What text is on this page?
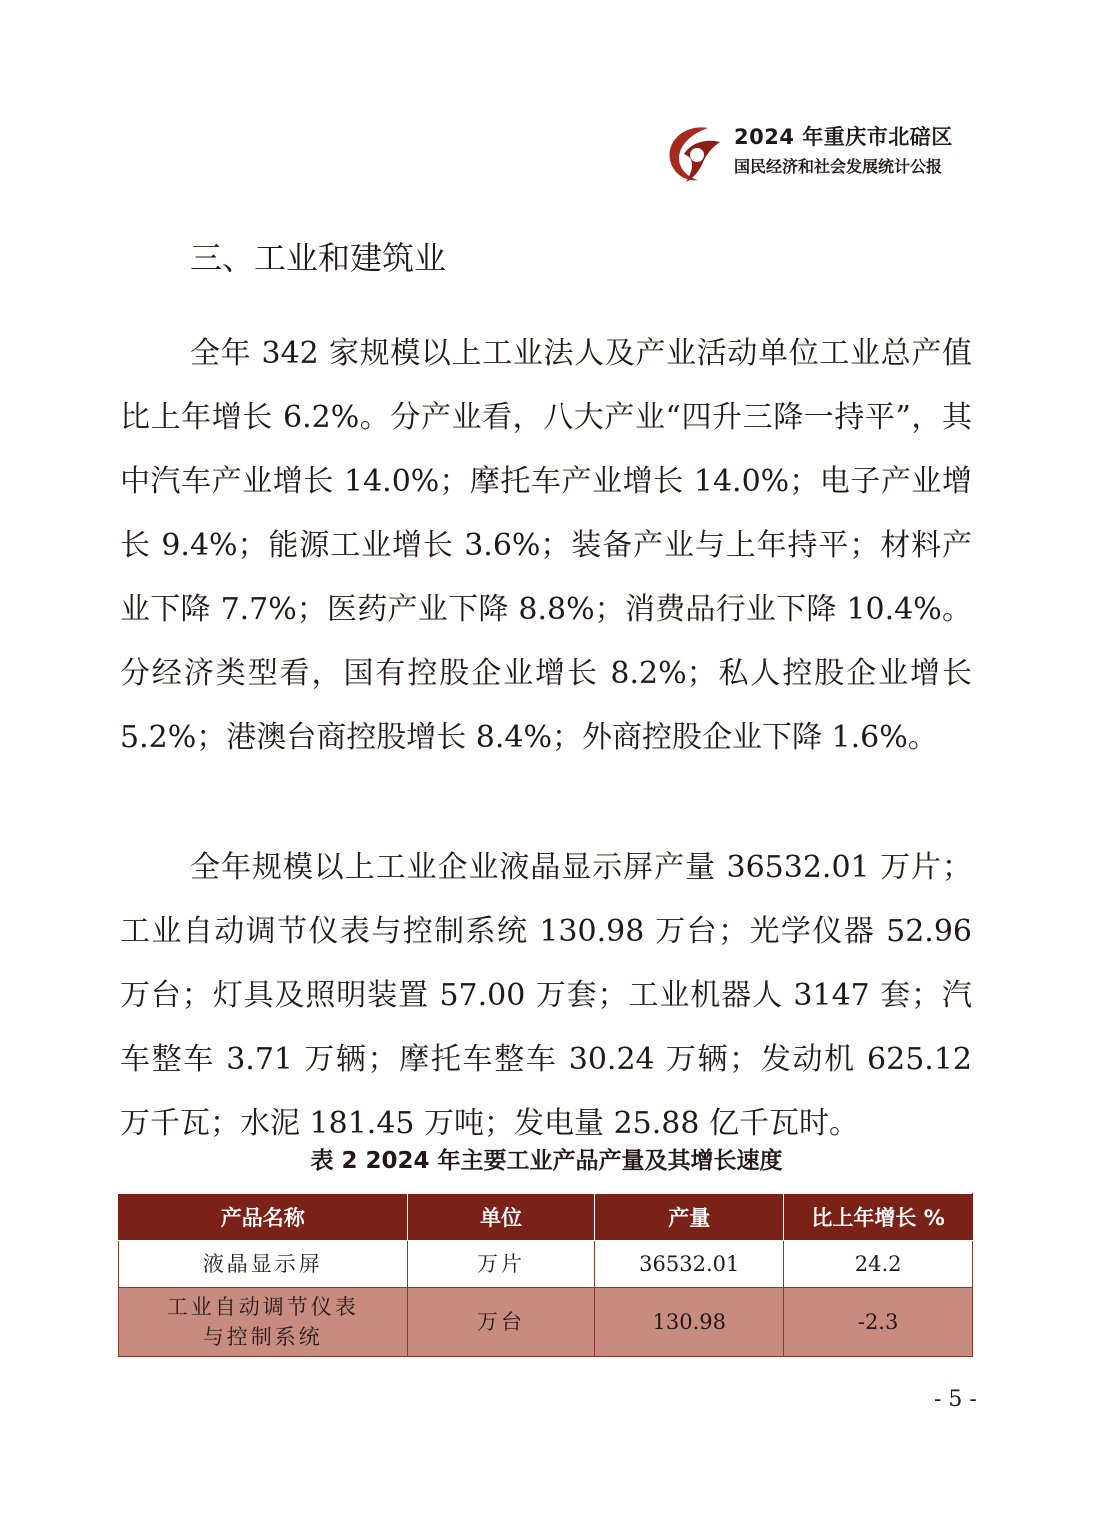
2024 年重庆市北碚区
国民经济和社会发展统计公报
三、工业和建筑业

全年 342 家规模以上工业法人及产业活动单位工业总产值比上年增长 6.2%。分产业看，八大产业“四升三降一持平”，其中汽车产业增长 14.0%；摩托车产业增长 14.0%；电子产业增长 9.4%；能源工业增长 3.6%；装备产业与上年持平；材料产业下降 7.7%；医药产业下降 8.8%；消费品行业下降 10.4%。分经济类型看，国有控股企业增长 8.2%；私人控股企业增长 5.2%；港澳台商控股增长 8.4%；外商控股企业下降 1.6%。

全年规模以上工业企业液晶显示屏产量 36532.01 万片；工业自动调节仪表与控制系统 130.98 万台；光学仪器 52.96 万台；灯具及照明装置 57.00 万套；工业机器人 3147 套；汽车整车 3.71 万辆；摩托车整车 30.24 万辆；发动机 625.12 万千瓦；水泥 181.45 万吨；发电量 25.88 亿千瓦时。

表 2 2024 年主要工业产品产量及其增长速度
产品名称	单位	产量	比上年增长 %

液晶显示屏	万片	36532.01	24.2

工业自动调节仪表
与控制系统	万台	130.98	-2.3
- 5 -
